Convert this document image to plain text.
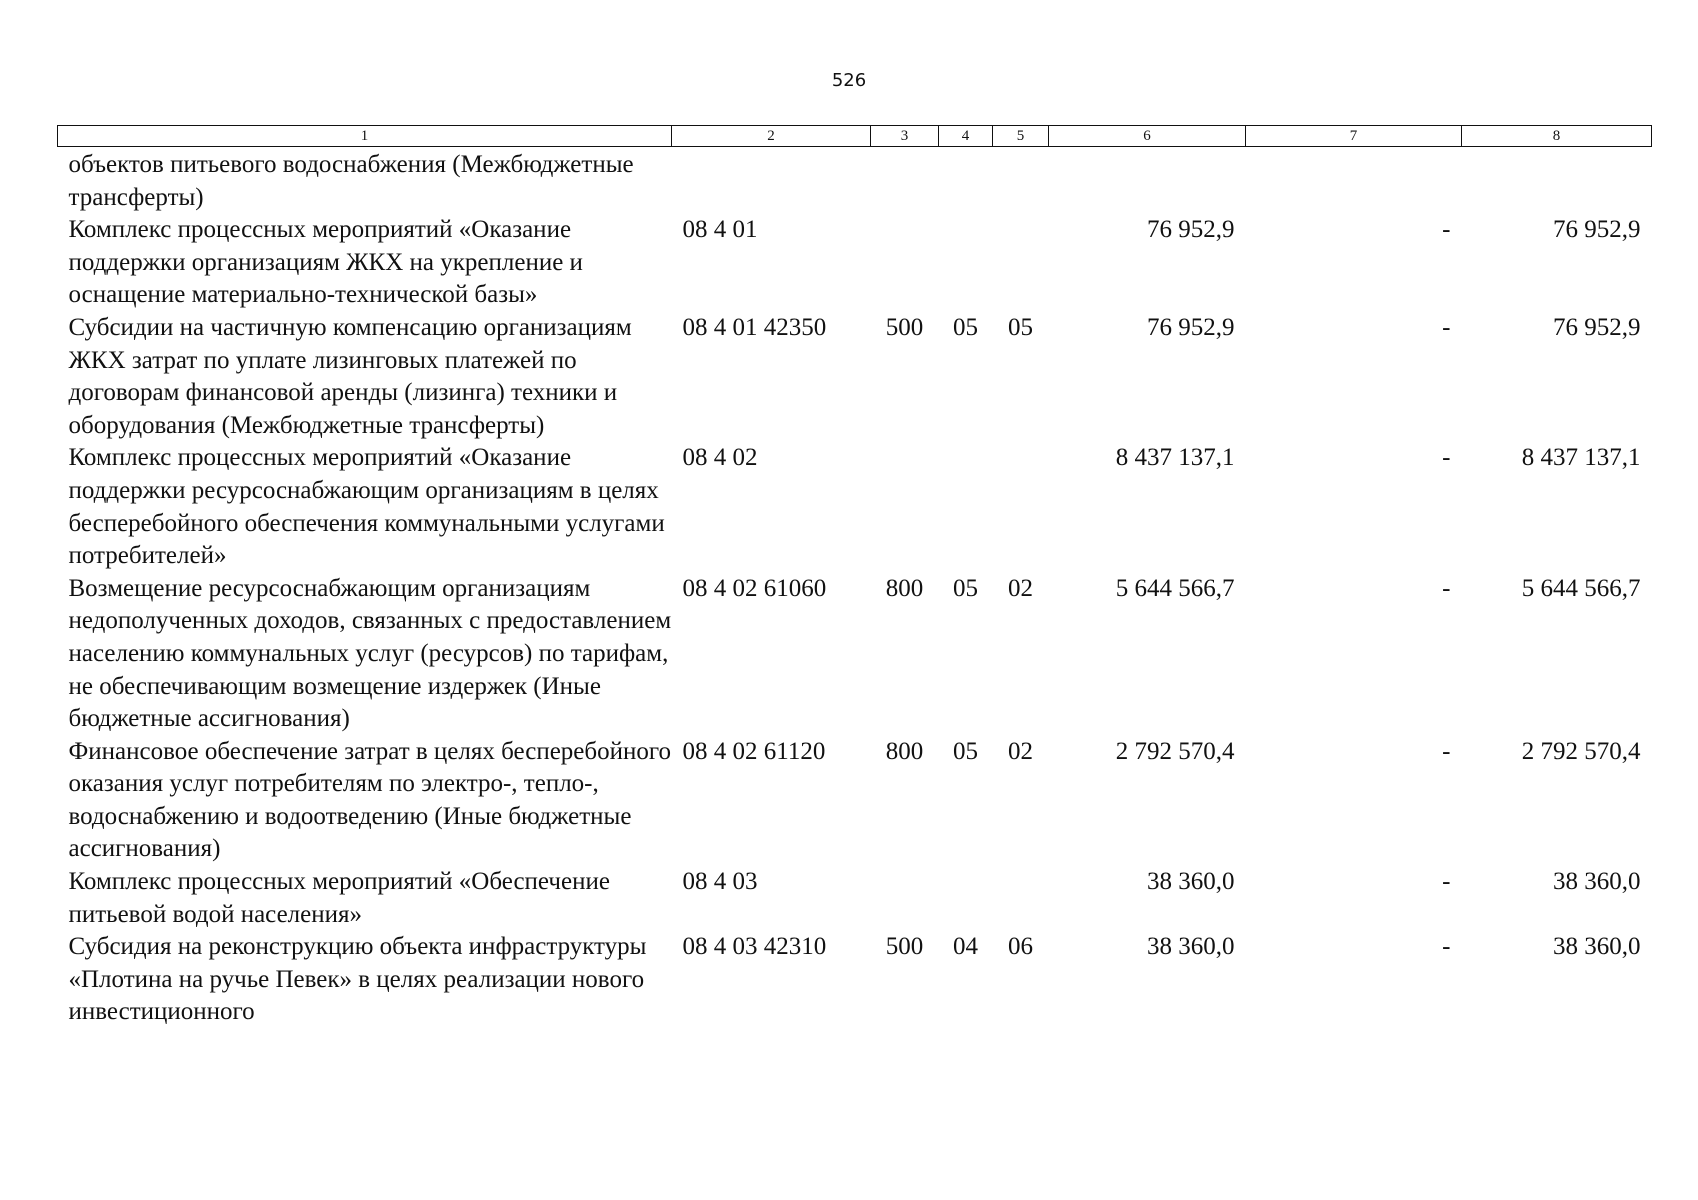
526
1	2	3	4	5	6	7	8
объектов питьевого водоснабжения (Межбюджетные трансферты)							
Комплекс процессных мероприятий «Оказание поддержки организациям ЖКХ на укрепление и оснащение материально-технической базы»	08 4 01				76 952,9	-	76 952,9
Субсидии на частичную компенсацию организациям ЖКХ затрат по уплате лизинговых платежей по договорам финансовой аренды (лизинга) техники и оборудования (Межбюджетные трансферты)	08 4 01 42350	500	05	05	76 952,9	-	76 952,9
Комплекс процессных мероприятий «Оказание поддержки ресурсоснабжающим организациям в целях бесперебойного обеспечения коммунальными услугами потребителей»	08 4 02				8 437 137,1	-	8 437 137,1
Возмещение ресурсоснабжающим организациям недополученных доходов, связанных с предоставлением населению коммунальных услуг (ресурсов) по тарифам, не обеспечивающим возмещение издержек (Иные бюджетные ассигнования)	08 4 02 61060	800	05	02	5 644 566,7	-	5 644 566,7
Финансовое обеспечение затрат в целях бесперебойного оказания услуг потребителям по электро-, тепло-, водоснабжению и водоотведению (Иные бюджетные ассигнования)	08 4 02 61120	800	05	02	2 792 570,4	-	2 792 570,4
Комплекс процессных мероприятий «Обеспечение питьевой водой населения»	08 4 03				38 360,0	-	38 360,0
Субсидия на реконструкцию объекта инфраструктуры «Плотина на ручье Певек» в целях реализации нового инвестиционного	08 4 03 42310	500	04	06	38 360,0	-	38 360,0
